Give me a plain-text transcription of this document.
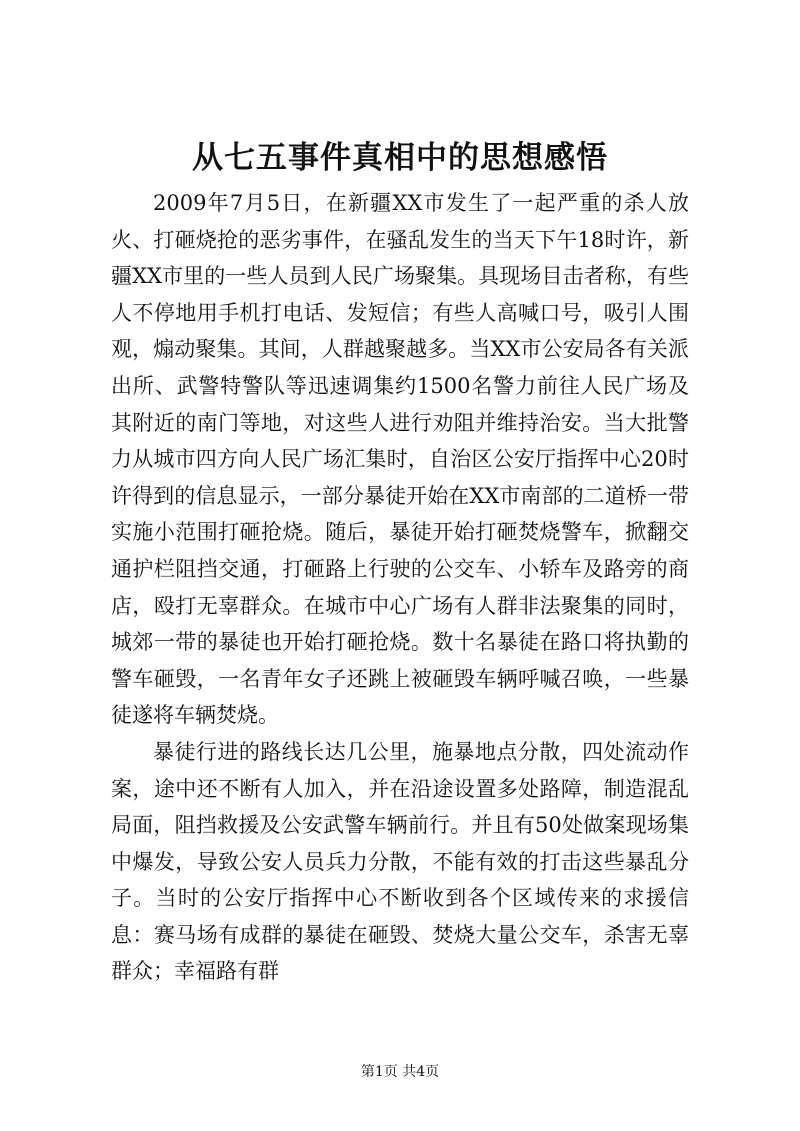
从七五事件真相中的思想感悟

2009年7月5日，在新疆XX市发生了一起严重的杀人放火、打砸烧抢的恶劣事件，在骚乱发生的当天下午18时许，新疆XX市里的一些人员到人民广场聚集。具现场目击者称，有些人不停地用手机打电话、发短信；有些人高喊口号，吸引人围观，煽动聚集。其间，人群越聚越多。当XX市公安局各有关派出所、武警特警队等迅速调集约1500名警力前往人民广场及其附近的南门等地，对这些人进行劝阻并维持治安。当大批警力从城市四方向人民广场汇集时，自治区公安厅指挥中心20时许得到的信息显示，一部分暴徒开始在XX市南部的二道桥一带实施小范围打砸抢烧。随后，暴徒开始打砸焚烧警车，掀翻交通护栏阻挡交通，打砸路上行驶的公交车、小轿车及路旁的商店，殴打无辜群众。在城市中心广场有人群非法聚集的同时，城郊一带的暴徒也开始打砸抢烧。数十名暴徒在路口将执勤的警车砸毁，一名青年女子还跳上被砸毁车辆呼喊召唤，一些暴徒遂将车辆焚烧。

暴徒行进的路线长达几公里，施暴地点分散，四处流动作案，途中还不断有人加入，并在沿途设置多处路障，制造混乱局面，阻挡救援及公安武警车辆前行。并且有50处做案现场集中爆发，导致公安人员兵力分散，不能有效的打击这些暴乱分子。当时的公安厅指挥中心不断收到各个区域传来的求援信息：赛马场有成群的暴徒在砸毁、焚烧大量公交车，杀害无辜群众；幸福路有群

第1页 共4页
